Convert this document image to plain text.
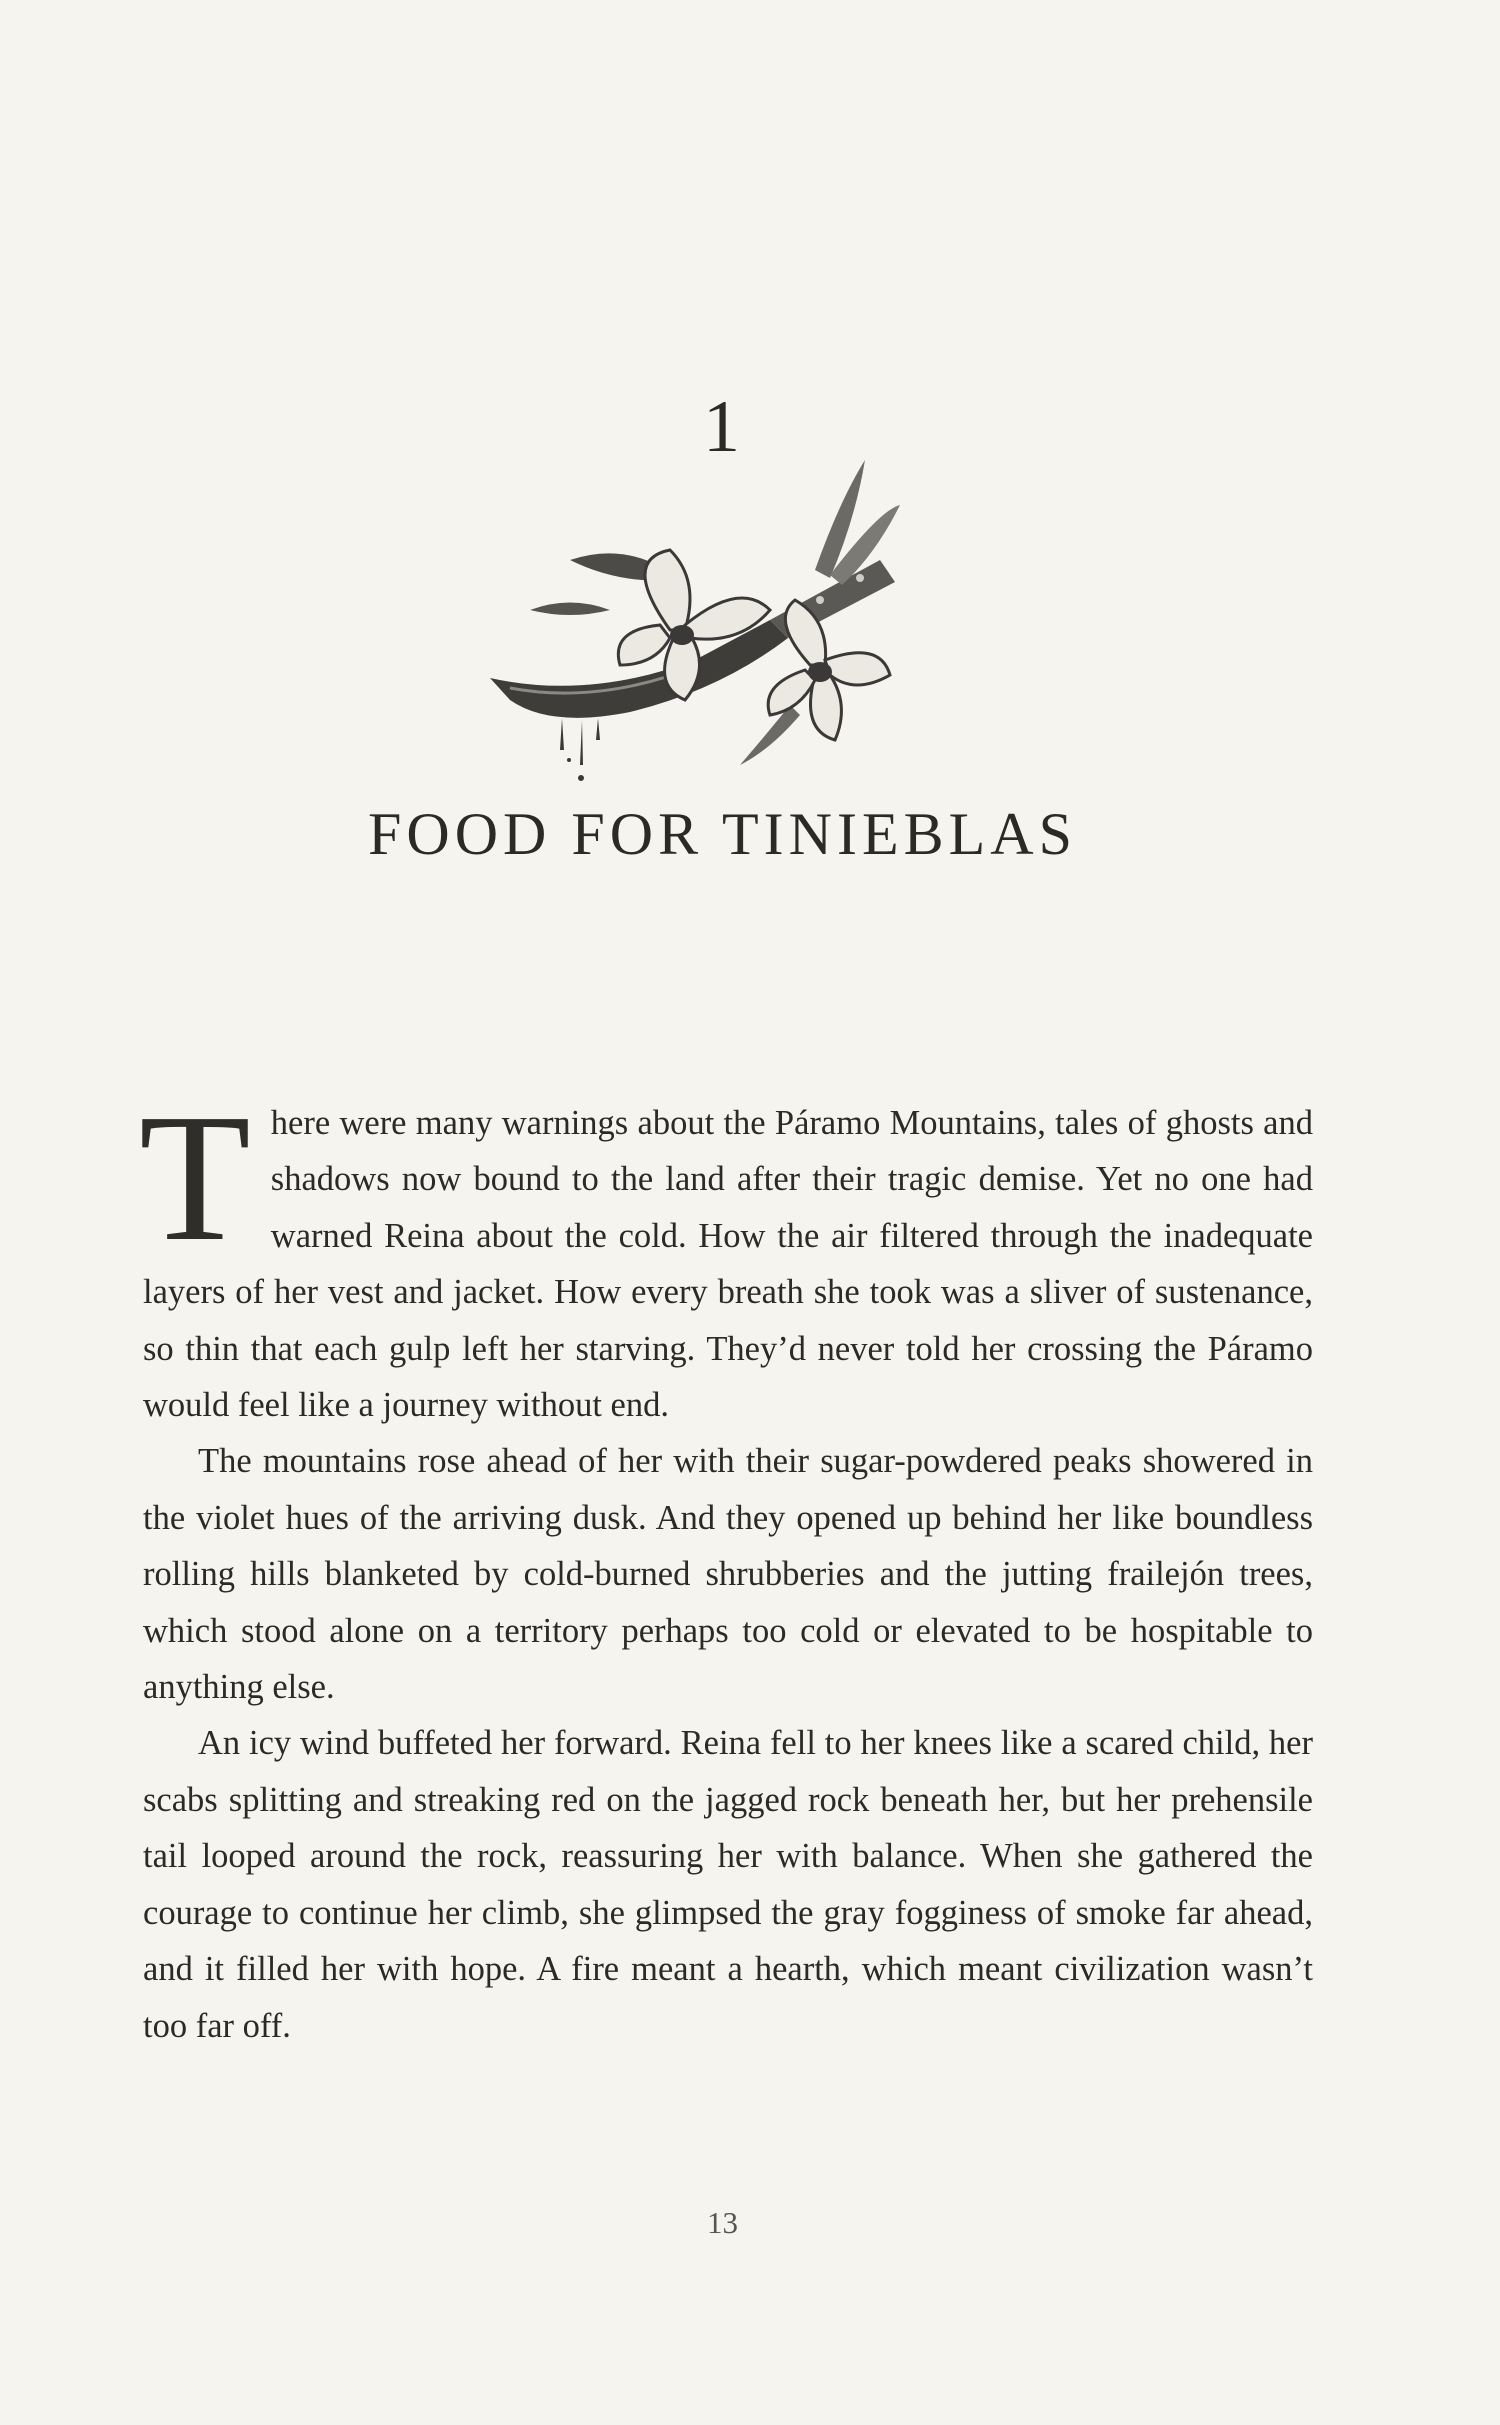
1
FOOD FOR TINIEBLAS

There were many warnings about the Páramo Mountains, tales of ghosts and shadows now bound to the land after their tragic demise. Yet no one had warned Reina about the cold. How the air filtered through the inadequate layers of her vest and jacket. How every breath she took was a sliver of sustenance, so thin that each gulp left her starving. They’d never told her crossing the Páramo would feel like a journey without end.

The mountains rose ahead of her with their sugar-powdered peaks showered in the violet hues of the arriving dusk. And they opened up behind her like boundless rolling hills blanketed by cold-burned shrubberies and the jutting frailejón trees, which stood alone on a territory perhaps too cold or elevated to be hospitable to anything else.

An icy wind buffeted her forward. Reina fell to her knees like a scared child, her scabs splitting and streaking red on the jagged rock beneath her, but her prehensile tail looped around the rock, reassuring her with balance. When she gathered the courage to continue her climb, she glimpsed the gray fogginess of smoke far ahead, and it filled her with hope. A fire meant a hearth, which meant civilization wasn’t too far off.

13
